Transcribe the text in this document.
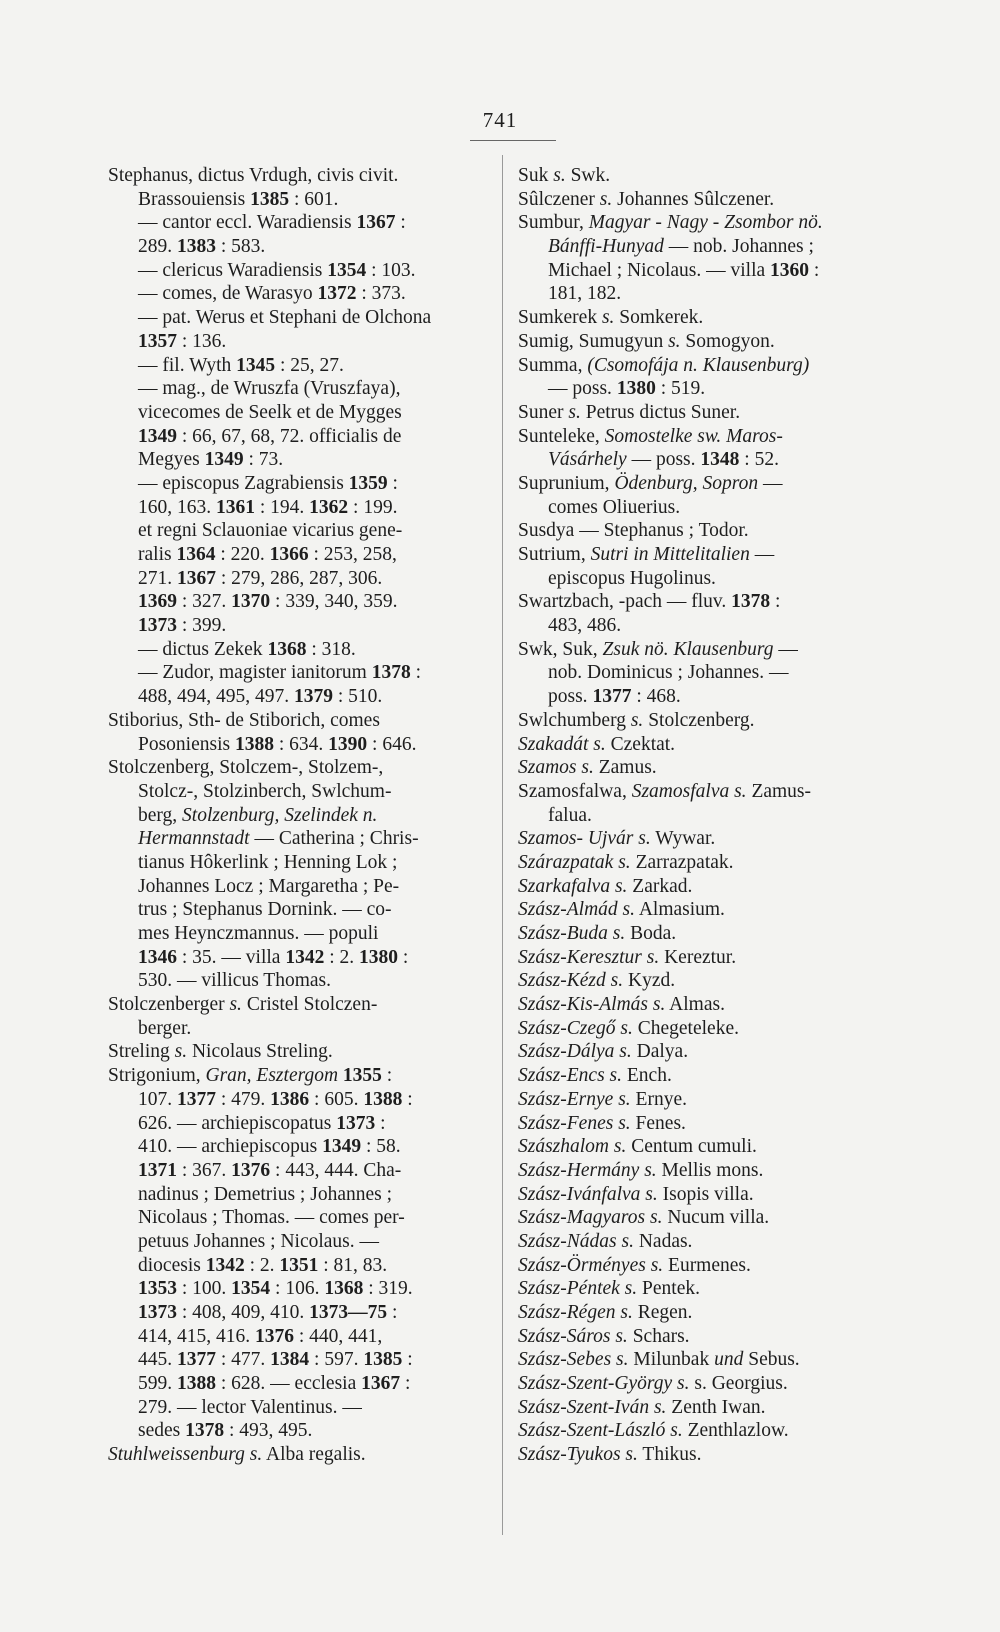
741
Stephanus, dictus Vrdugh, civis civit.
Brassouiensis 1385 : 601.
— cantor eccl. Waradiensis 1367 :
289. 1383 : 583.
— clericus Waradiensis 1354 : 103.
— comes, de Warasyo 1372 : 373.
— pat. Werus et Stephani de Olchona
1357 : 136.
— fil. Wyth 1345 : 25, 27.
— mag., de Wruszfa (Vruszfaya),
vicecomes de Seelk et de Mygges
1349 : 66, 67, 68, 72. officialis de
Megyes 1349 : 73.
— episcopus Zagrabiensis 1359 :
160, 163. 1361 : 194. 1362 : 199.
et regni Sclauoniae vicarius gene-
ralis 1364 : 220. 1366 : 253, 258,
271. 1367 : 279, 286, 287, 306.
1369 : 327. 1370 : 339, 340, 359.
1373 : 399.
— dictus Zekek 1368 : 318.
— Zudor, magister ianitorum 1378 :
488, 494, 495, 497. 1379 : 510.
Stiborius, Sth- de Stiborich, comes
Posoniensis 1388 : 634. 1390 : 646.
Stolczenberg, Stolczem-, Stolzem-,
Stolcz-, Stolzinberch, Swlchum-
berg, Stolzenburg, Szelindek n.
Hermannstadt — Catherina ; Chris-
tianus Hôkerlink ; Henning Lok ;
Johannes Locz ; Margaretha ; Pe-
trus ; Stephanus Dornink. — co-
mes Heynczmannus. — populi
1346 : 35. — villa 1342 : 2. 1380 :
530. — villicus Thomas.
Stolczenberger s. Cristel Stolczen-
berger.
Streling s. Nicolaus Streling.
Strigonium, Gran, Esztergom 1355 :
107. 1377 : 479. 1386 : 605. 1388 :
626. — archiepiscopatus 1373 :
410. — archiepiscopus 1349 : 58.
1371 : 367. 1376 : 443, 444. Cha-
nadinus ; Demetrius ; Johannes ;
Nicolaus ; Thomas. — comes per-
petuus Johannes ; Nicolaus. —
diocesis 1342 : 2. 1351 : 81, 83.
1353 : 100. 1354 : 106. 1368 : 319.
1373 : 408, 409, 410. 1373—75 :
414, 415, 416. 1376 : 440, 441,
445. 1377 : 477. 1384 : 597. 1385 :
599. 1388 : 628. — ecclesia 1367 :
279. — lector Valentinus. —
sedes 1378 : 493, 495.
Stuhlweissenburg s. Alba regalis.
Suk s. Swk.
Sûlczener s. Johannes Sûlczener.
Sumbur, Magyar - Nagy - Zsombor nö.
Bánffi-Hunyad — nob. Johannes ;
Michael ; Nicolaus. — villa 1360 :
181, 182.
Sumkerek s. Somkerek.
Sumig, Sumugyun s. Somogyon.
Summa, (Csomofája n. Klausenburg)
— poss. 1380 : 519.
Suner s. Petrus dictus Suner.
Sunteleke, Somostelke sw. Maros-
Vásárhely — poss. 1348 : 52.
Suprunium, Ödenburg, Sopron —
comes Oliuerius.
Susdya — Stephanus ; Todor.
Sutrium, Sutri in Mittelitalien —
episcopus Hugolinus.
Swartzbach, -pach — fluv. 1378 :
483, 486.
Swk, Suk, Zsuk nö. Klausenburg —
nob. Dominicus ; Johannes. —
poss. 1377 : 468.
Swlchumberg s. Stolczenberg.
Szakadát s. Czektat.
Szamos s. Zamus.
Szamosfalwa, Szamosfalva s. Zamus-
falua.
Szamos- Ujvár s. Wywar.
Szárazpatak s. Zarrazpatak.
Szarkafalva s. Zarkad.
Szász-Almád s. Almasium.
Szász-Buda s. Boda.
Szász-Keresztur s. Kereztur.
Szász-Kézd s. Kyzd.
Szász-Kis-Almás s. Almas.
Szász-Czegő s. Chegeteleke.
Szász-Dálya s. Dalya.
Szász-Encs s. Ench.
Szász-Ernye s. Ernye.
Szász-Fenes s. Fenes.
Szászhalom s. Centum cumuli.
Szász-Hermány s. Mellis mons.
Szász-Ivánfalva s. Isopis villa.
Szász-Magyaros s. Nucum villa.
Szász-Nádas s. Nadas.
Szász-Örményes s. Eurmenes.
Szász-Péntek s. Pentek.
Szász-Régen s. Regen.
Szász-Sáros s. Schars.
Szász-Sebes s. Milunbak und Sebus.
Szász-Szent-György s. s. Georgius.
Szász-Szent-Iván s. Zenth Iwan.
Szász-Szent-László s. Zenthlazlow.
Szász-Tyukos s. Thikus.
